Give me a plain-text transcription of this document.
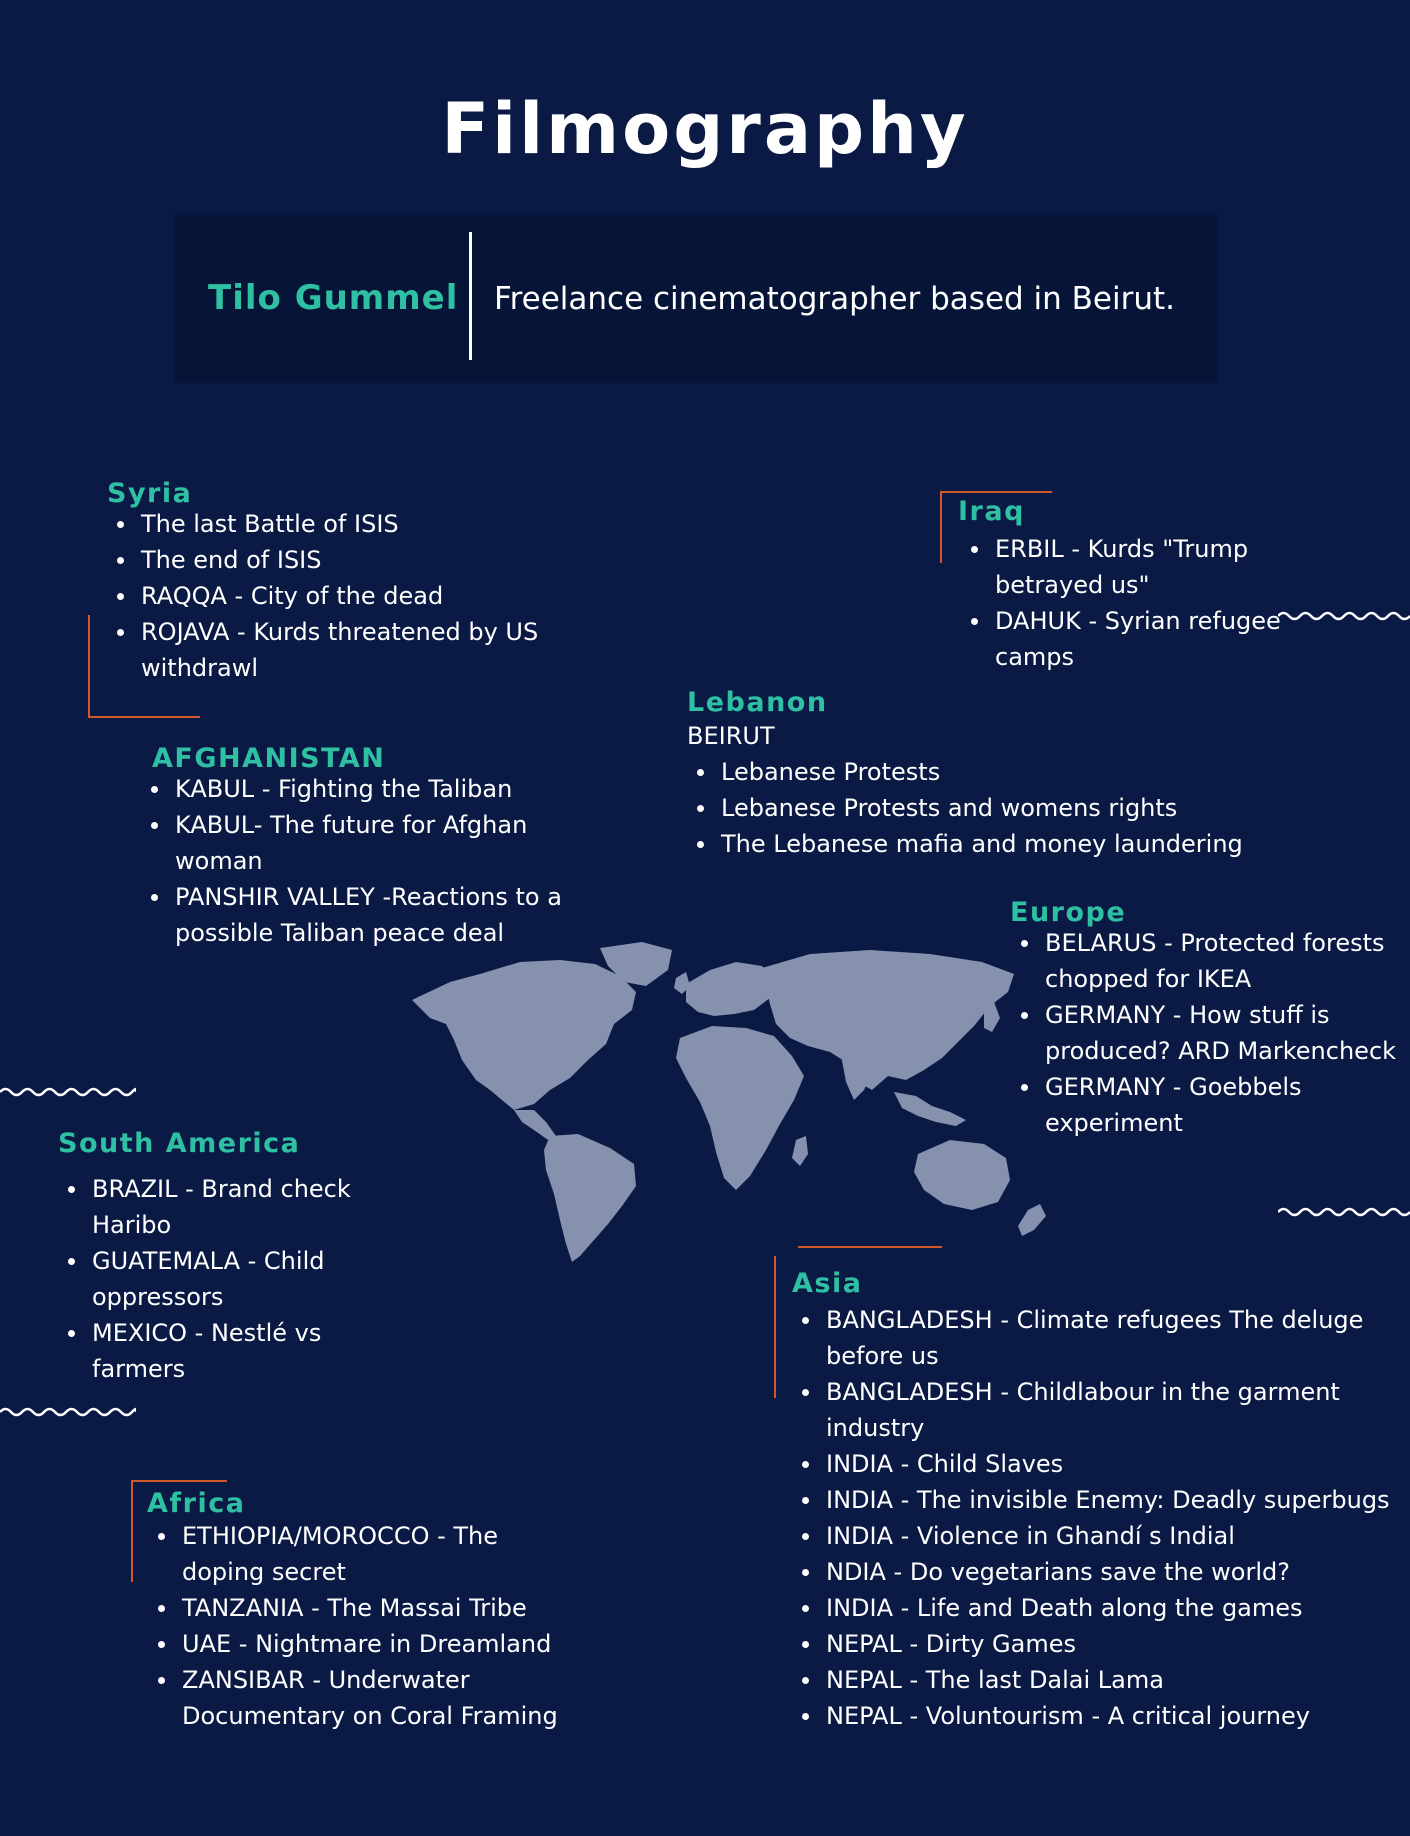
Filmography
Tilo Gummel Freelance cinematographer based in Beirut.
Syria
The last Battle of ISIS
The end of ISIS
RAQQA - City of the dead
ROJAVA - Kurds threatened by US withdrawl
Iraq
ERBIL - Kurds "Trump betrayed us"
DAHUK - Syrian refugee camps
Lebanon
BEIRUT
Lebanese Protests
Lebanese Protests and womens rights
The Lebanese mafia and money laundering
AFGHANISTAN
KABUL - Fighting the Taliban
KABUL- The future for Afghan woman
PANSHIR VALLEY -Reactions to a possible Taliban peace deal
Europe
BELARUS - Protected forests chopped for IKEA
GERMANY - How stuff is produced? ARD Markencheck
GERMANY - Goebbels experiment
South America
BRAZIL - Brand check Haribo
GUATEMALA - Child oppressors
MEXICO - Nestlé vs farmers
Asia
BANGLADESH - Climate refugees The deluge before us
BANGLADESH - Childlabour in the garment industry
INDIA - Child Slaves
INDIA - The invisible Enemy: Deadly superbugs
INDIA - Violence in Ghandí s Indial
NDIA - Do vegetarians save the world?
INDIA - Life and Death along the games
NEPAL - Dirty Games
NEPAL - The last Dalai Lama
NEPAL - Voluntourism - A critical journey
Africa
ETHIOPIA/MOROCCO - The doping secret
TANZANIA - The Massai Tribe
UAE - Nightmare in Dreamland
ZANSIBAR - Underwater Documentary on Coral Framing
